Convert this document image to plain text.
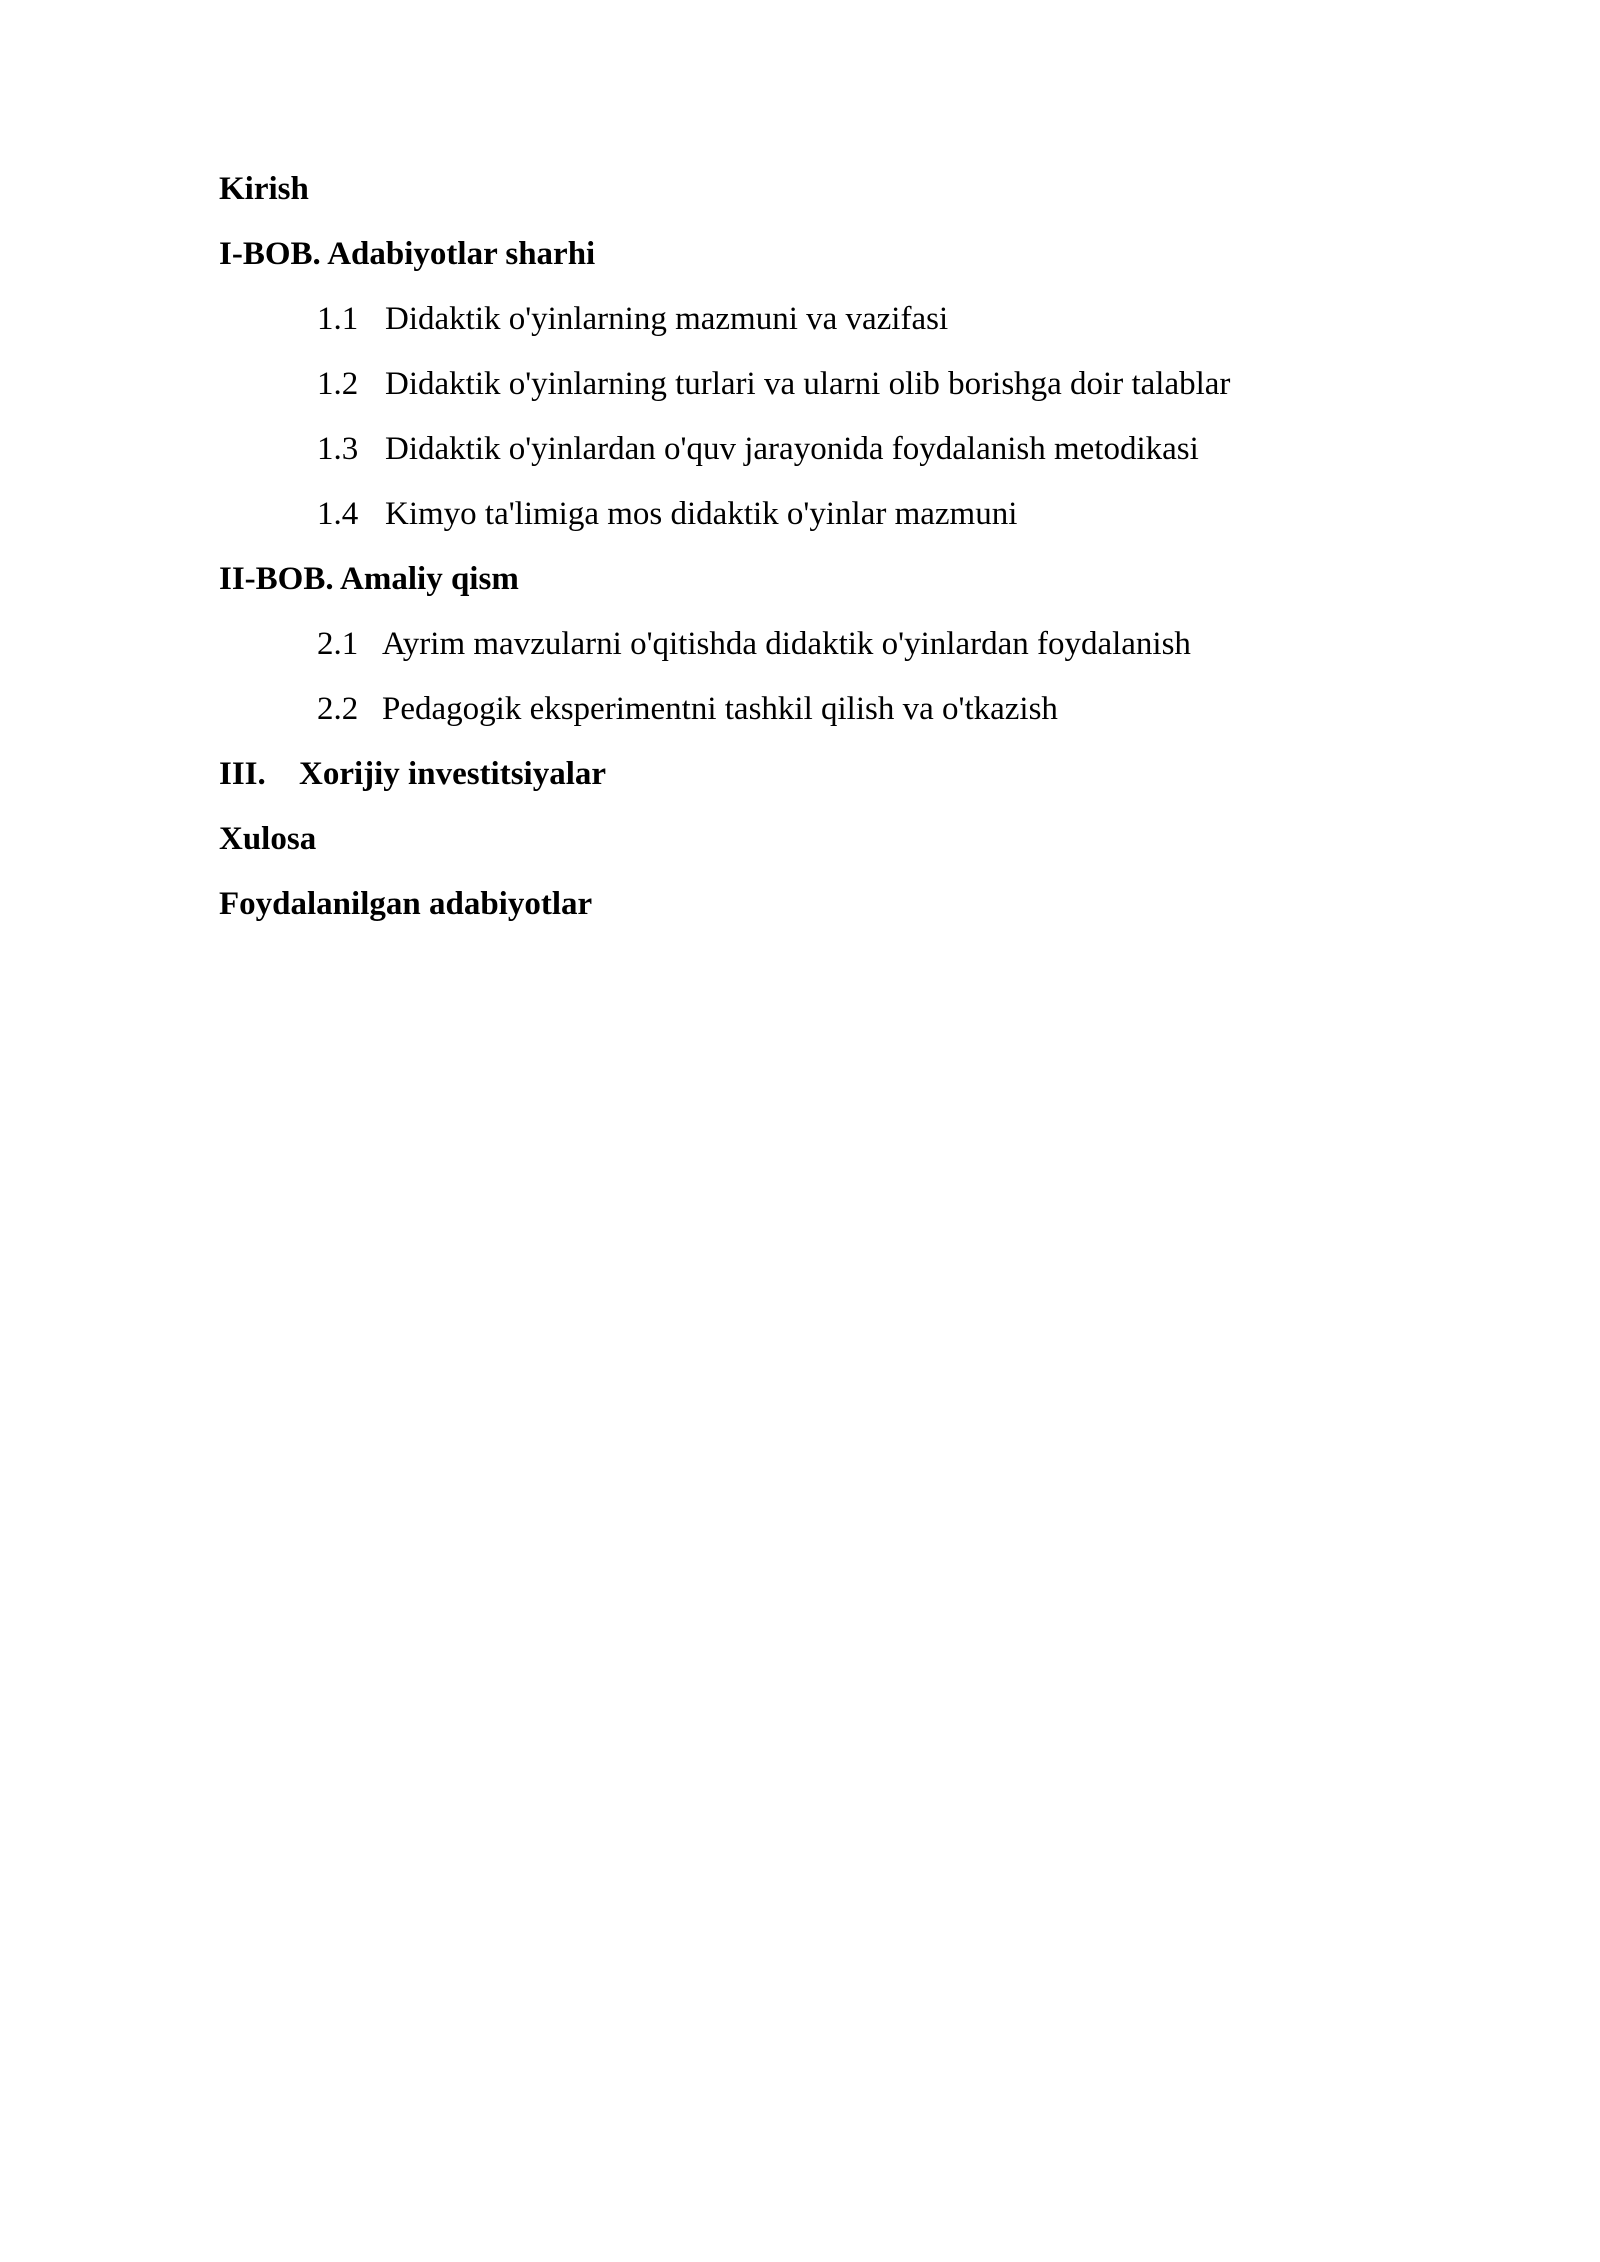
Kirish
I-BOB. Adabiyotlar sharhi
1.1 Didaktik o'yinlarning mazmuni va vazifasi
1.2 Didaktik o'yinlarning turlari va ularni olib borishga doir talablar
1.3 Didaktik o'yinlardan o'quv jarayonida foydalanish metodikasi
1.4 Kimyo ta'limiga mos didaktik o'yinlar mazmuni
II-BOB. Amaliy qism
2.1 Ayrim mavzularni o'qitishda didaktik o'yinlardan foydalanish
2.2 Pedagogik eksperimentni tashkil qilish va o'tkazish
III. Xorijiy investitsiyalar
Xulosa
Foydalanilgan adabiyotlar
